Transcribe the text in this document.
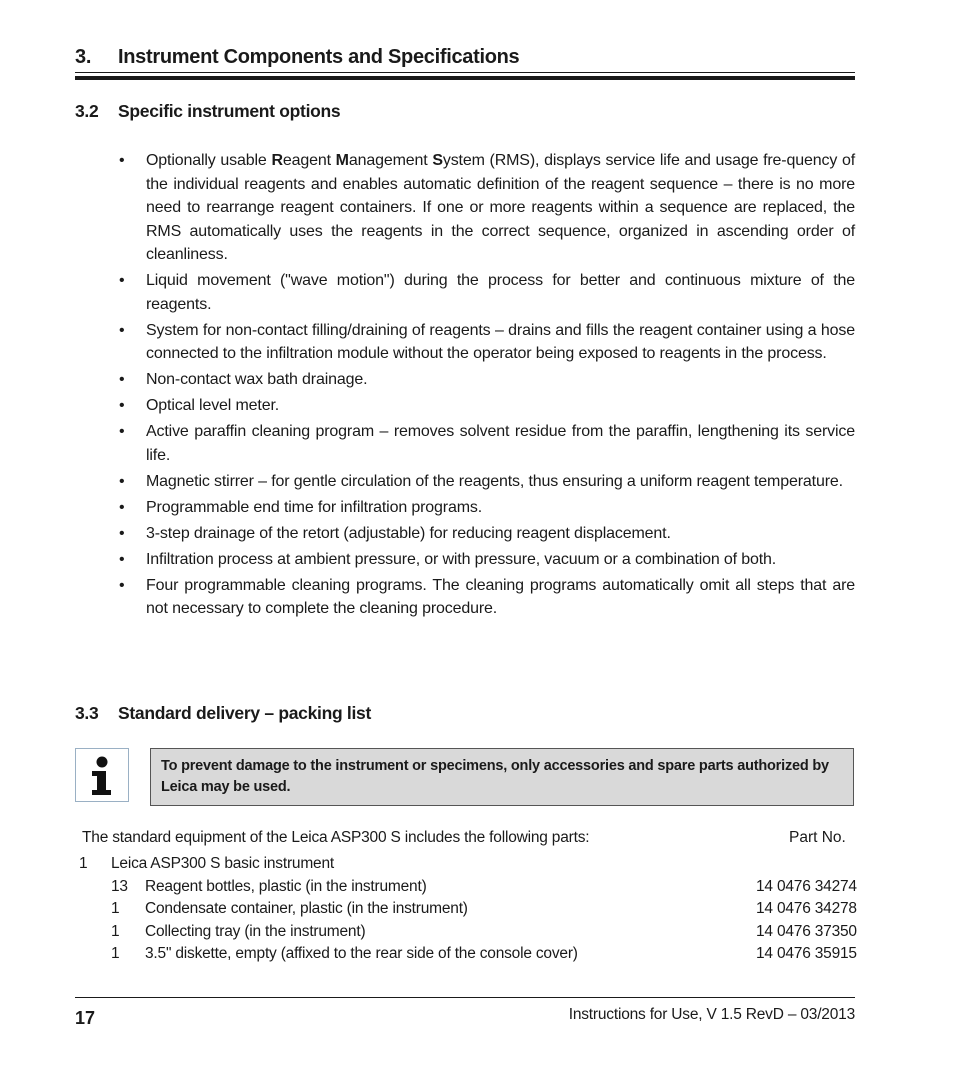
3. Instrument Components and Specifications
3.2 Specific instrument options
• Optionally usable Reagent Management System (RMS), displays service life and usage fre-quency of the individual reagents and enables automatic definition of the reagent sequence – there is no more need to rearrange reagent containers. If one or more reagents within a sequence are replaced, the RMS automatically uses the reagents in the correct sequence, organized in ascending order of cleanliness.
• Liquid movement ("wave motion") during the process for better and continuous mixture of the reagents.
• System for non-contact filling/draining of reagents – drains and fills the reagent container using a hose connected to the infiltration module without the operator being exposed to reagents in the process.
• Non-contact wax bath drainage.
• Optical level meter.
• Active paraffin cleaning program – removes solvent residue from the paraffin, lengthening its service life.
• Magnetic stirrer – for gentle circulation of the reagents, thus ensuring a uniform reagent temperature.
• Programmable end time for infiltration programs.
• 3-step drainage of the retort (adjustable) for reducing reagent displacement.
• Infiltration process at ambient pressure, or with pressure, vacuum or a combination of both.
• Four programmable cleaning programs. The cleaning programs automatically omit all steps that are not necessary to complete the cleaning procedure.
3.3 Standard delivery – packing list
To prevent damage to the instrument or specimens, only accessories and spare parts authorized by Leica may be used.
The standard equipment of the Leica ASP300 S includes the following parts:	Part No.
1 Leica ASP300 S basic instrument
13 Reagent bottles, plastic (in the instrument)	14 0476 34274
1 Condensate container, plastic (in the instrument)	14 0476 34278
1 Collecting tray (in the instrument)	14 0476 37350
1 3.5" diskette, empty (affixed to the rear side of the console cover)	14 0476 35915
17	Instructions for Use, V 1.5 RevD – 03/2013
